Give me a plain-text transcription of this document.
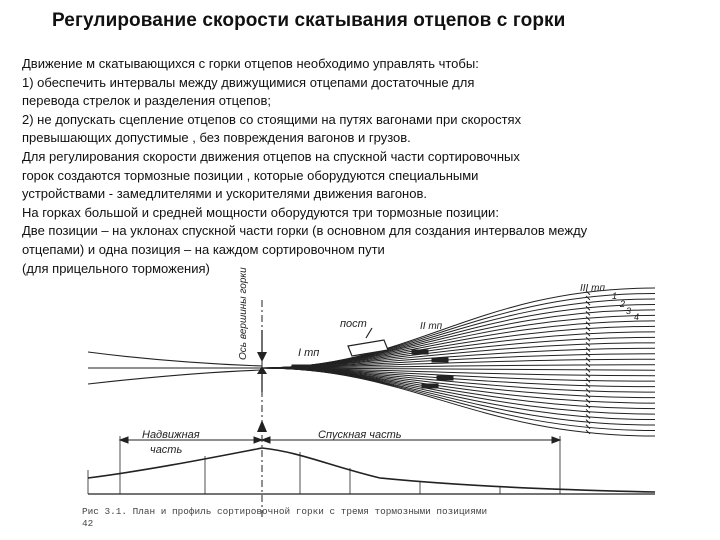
Регулирование скорости скатывания отцепов с горки
Движение м скатывающихся с горки отцепов необходимо управлять чтобы:
1) обеспечить интервалы между движущимися отцепами достаточные для
перевода стрелок и разделения отцепов;
2) не допускать сцепление отцепов со стоящими на путях вагонами при скоростях
превышающих допустимые , без повреждения вагонов и грузов.
Для регулирования скорости движения отцепов на спускной части сортировочных
горок создаются тормозные позиции , которые оборудуются специальными
устройствами - замедлителями и ускорителями движения вагонов.
На горках большой и средней мощности оборудуются три тормозные позиции:
Две позиции – на уклонах спускной части горки (в основном для создания интервалов между
отцепами) и одна позиция – на каждом сортировочном пути
(для прицельного торможения)	Ось вершины горки	пост
I тп
II тп
III тп
1
2
3
4
Надвижная
часть
Спускная часть
Рис 3.1. План и профиль сортировочной горки с тремя тормозными позициями
42
